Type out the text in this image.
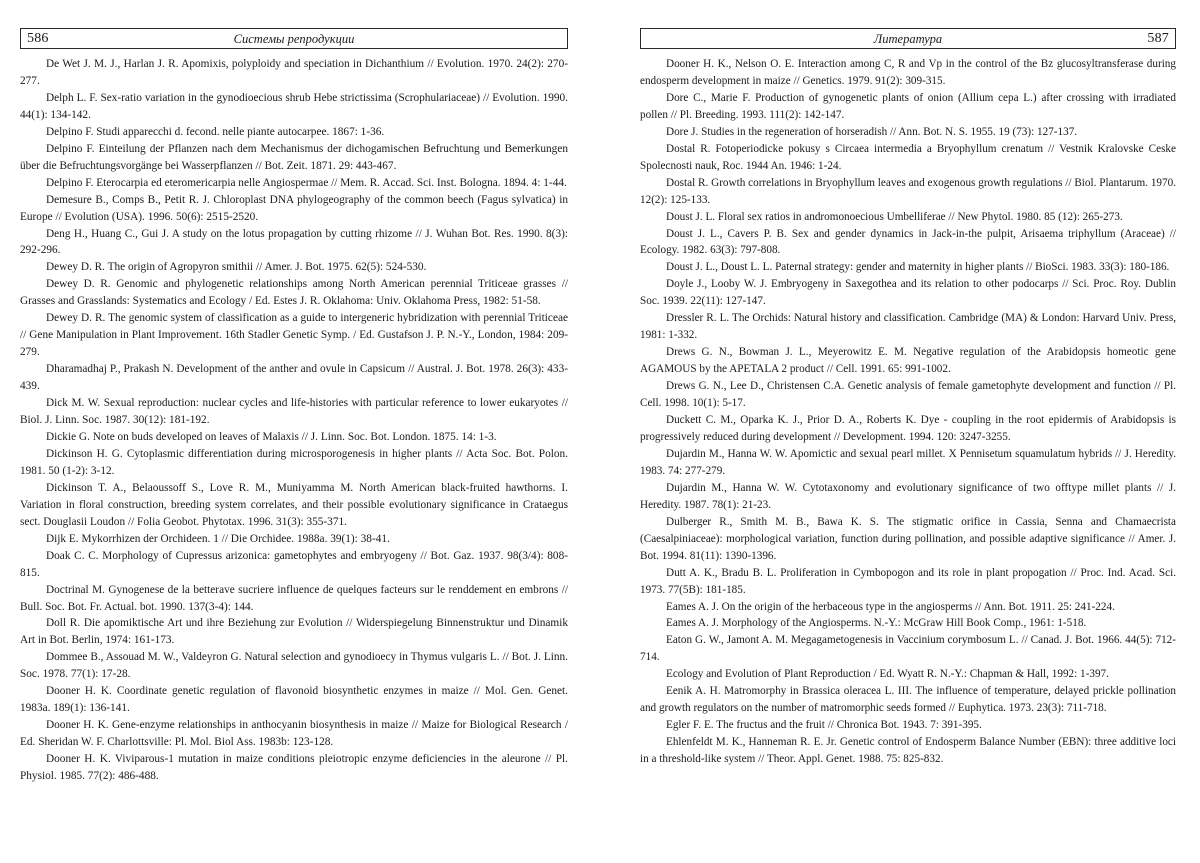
586	Системы репродукции

De Wet J. M. J., Harlan J. R. Apomixis, polyploidy and speciation in Dichanthium // Evolution. 1970. 24(2): 270-277.

Delph L. F. Sex-ratio variation in the gynodioecious shrub Hebe strictissima (Scrophulariaceae) // Evolution. 1990. 44(1): 134-142.

Delpino F. Studi apparecchi d. fecond. nelle piante autocarpee. 1867: 1-36.

Delpino F. Einteilung der Pflanzen nach dem Mechanismus der dichogamischen Befruchtung und Bemerkungen über die Befruchtungsvorgänge bei Wasserpflanzen // Bot. Zeit. 1871. 29: 443-467.

Delpino F. Eterocarpia ed eteromericarpia nelle Angiospermae // Mem. R. Accad. Sci. Inst. Bologna. 1894. 4: 1-44.

Demesure B., Comps B., Petit R. J. Chloroplast DNA phylogeography of the common beech (Fagus sylvatica) in Europe // Evolution (USA). 1996. 50(6): 2515-2520.

Deng H., Huang C., Gui J. A study on the lotus propagation by cutting rhizome // J. Wuhan Bot. Res. 1990. 8(3): 292-296.

Dewey D. R. The origin of Agropyron smithii // Amer. J. Bot. 1975. 62(5): 524-530.

Dewey D. R. Genomic and phylogenetic relationships among North American perennial Triticeae grasses // Grasses and Grasslands: Systematics and Ecology / Ed. Estes J. R. Oklahoma: Univ. Oklahoma Press, 1982: 51-58.

Dewey D. R. The genomic system of classification as a guide to intergeneric hybridization with perennial Triticeae // Gene Manipulation in Plant Improvement. 16th Stadler Genetic Symp. / Ed. Gustafson J. P. N.-Y., London, 1984: 209-279.

Dharamadhaj P., Prakash N. Development of the anther and ovule in Capsicum // Austral. J. Bot. 1978. 26(3): 433-439.

Dick M. W. Sexual reproduction: nuclear cycles and life-histories with particular reference to lower eukaryotes // Biol. J. Linn. Soc. 1987. 30(12): 181-192.

Dickie G. Note on buds developed on leaves of Malaxis // J. Linn. Soc. Bot. London. 1875. 14: 1-3.

Dickinson H. G. Cytoplasmic differentiation during microsporogenesis in higher plants // Acta Soc. Bot. Polon. 1981. 50 (1-2): 3-12.

Dickinson T. A., Belaoussoff S., Love R. M., Muniyamma M. North American black-fruited hawthorns. I. Variation in floral construction, breeding system correlates, and their possible evolutionary significance in Crataegus sect. Douglasii Loudon // Folia Geobot. Phytotax. 1996. 31(3): 355-371.

Dijk E. Mykorrhizen der Orchideen. 1 // Die Orchidee. 1988a. 39(1): 38-41.

Doak C. C. Morphology of Cupressus arizonica: gametophytes and embryogeny // Bot. Gaz. 1937. 98(3/4): 808-815.

Doctrinal M. Gynogenese de la betterave sucriere influence de quelques facteurs sur le renddement en embrons // Bull. Soc. Bot. Fr. Actual. bot. 1990. 137(3-4): 144.

Doll R. Die apomiktische Art und ihre Beziehung zur Evolution // Widerspiegelung Binnenstruktur und Dinamik Art in Bot. Berlin, 1974: 161-173.

Dommee B., Assouad M. W., Valdeyron G. Natural selection and gynodioecy in Thymus vulgaris L. // Bot. J. Linn. Soc. 1978. 77(1): 17-28.

Dooner H. K. Coordinate genetic regulation of flavonoid biosynthetic enzymes in maize // Mol. Gen. Genet. 1983a. 189(1): 136-141.

Dooner H. K. Gene-enzyme relationships in anthocyanin biosynthesis in maize // Maize for Biological Research / Ed. Sheridan W. F. Charlottsville: Pl. Mol. Biol Ass. 1983b: 123-128.

Dooner H. K. Viviparous-1 mutation in maize conditions pleiotropic enzyme deficiencies in the aleurone // Pl. Physiol. 1985. 77(2): 486-488.

Литература	587

Dooner H. K., Nelson O. E. Interaction among C, R and Vp in the control of the Bz glucosyltransferase during endosperm development in maize // Genetics. 1979. 91(2): 309-315.

Dore C., Marie F. Production of gynogenetic plants of onion (Allium cepa L.) after crossing with irradiated pollen // Pl. Breeding. 1993. 111(2): 142-147.

Dore J. Studies in the regeneration of horseradish // Ann. Bot. N. S. 1955. 19 (73): 127-137.

Dostal R. Fotoperiodicke pokusy s Circaea intermedia a Bryophyllum crenatum // Vestnik Kralovske Ceske Spolecnosti nauk, Roc. 1944 An. 1946: 1-24.

Dostal R. Growth correlations in Bryophyllum leaves and exogenous growth regulations // Biol. Plantarum. 1970. 12(2): 125-133.

Doust J. L. Floral sex ratios in andromonoecious Umbelliferae // New Phytol. 1980. 85 (12): 265-273.

Doust J. L., Cavers P. B. Sex and gender dynamics in Jack-in-the pulpit, Arisaema triphyllum (Araceae) // Ecology. 1982. 63(3): 797-808.

Doust J. L., Doust L. L. Paternal strategy: gender and maternity in higher plants // BioSci. 1983. 33(3): 180-186.

Doyle J., Looby W. J. Embryogeny in Saxegothea and its relation to other podocarps // Sci. Proc. Roy. Dublin Soc. 1939. 22(11): 127-147.

Dressler R. L. The Orchids: Natural history and classification. Cambridge (MA) & London: Harvard Univ. Press, 1981: 1-332.

Drews G. N., Bowman J. L., Meyerowitz E. M. Negative regulation of the Arabidopsis homeotic gene AGAMOUS by the APETALA 2 product // Cell. 1991. 65: 991-1002.

Drews G. N., Lee D., Christensen C.A. Genetic analysis of female gametophyte development and function // Pl. Cell. 1998. 10(1): 5-17.

Duckett C. M., Oparka K. J., Prior D. A., Roberts K. Dye - coupling in the root epidermis of Arabidopsis is progressively reduced during development // Development. 1994. 120: 3247-3255.

Dujardin M., Hanna W. W. Apomictic and sexual pearl millet. X Pennisetum squamulatum hybrids // J. Heredity. 1983. 74: 277-279.

Dujardin M., Hanna W. W. Cytotaxonomy and evolutionary significance of two offtype millet plants // J. Heredity. 1987. 78(1): 21-23.

Dulberger R., Smith M. B., Bawa K. S. The stigmatic orifice in Cassia, Senna and Chamaecrista (Caesalpiniaceae): morphological variation, function during pollination, and possible adaptive significance // Amer. J. Bot. 1994. 81(11): 1390-1396.

Dutt A. K., Bradu B. L. Proliferation in Cymbopogon and its role in plant propogation // Proc. Ind. Acad. Sci. 1973. 77(5B): 181-185.

Eames A. J. On the origin of the herbaceous type in the angiosperms // Ann. Bot. 1911. 25: 241-224.

Eames A. J. Morphology of the Angiosperms. N.-Y.: McGraw Hill Book Comp., 1961: 1-518.

Eaton G. W., Jamont A. M. Megagametogenesis in Vaccinium corymbosum L. // Canad. J. Bot. 1966. 44(5): 712-714.

Ecology and Evolution of Plant Reproduction / Ed. Wyatt R. N.-Y.: Chapman & Hall, 1992: 1-397.

Eenik A. H. Matromorphy in Brassica oleracea L. III. The influence of temperature, delayed prickle pollination and growth regulators on the number of matromorphic seeds formed // Euphytica. 1973. 23(3): 711-718.

Egler F. E. The fructus and the fruit // Chronica Bot. 1943. 7: 391-395.

Ehlenfeldt M. K., Hanneman R. E. Jr. Genetic control of Endosperm Balance Number (EBN): three additive loci in a threshold-like system // Theor. Appl. Genet. 1988. 75: 825-832.
